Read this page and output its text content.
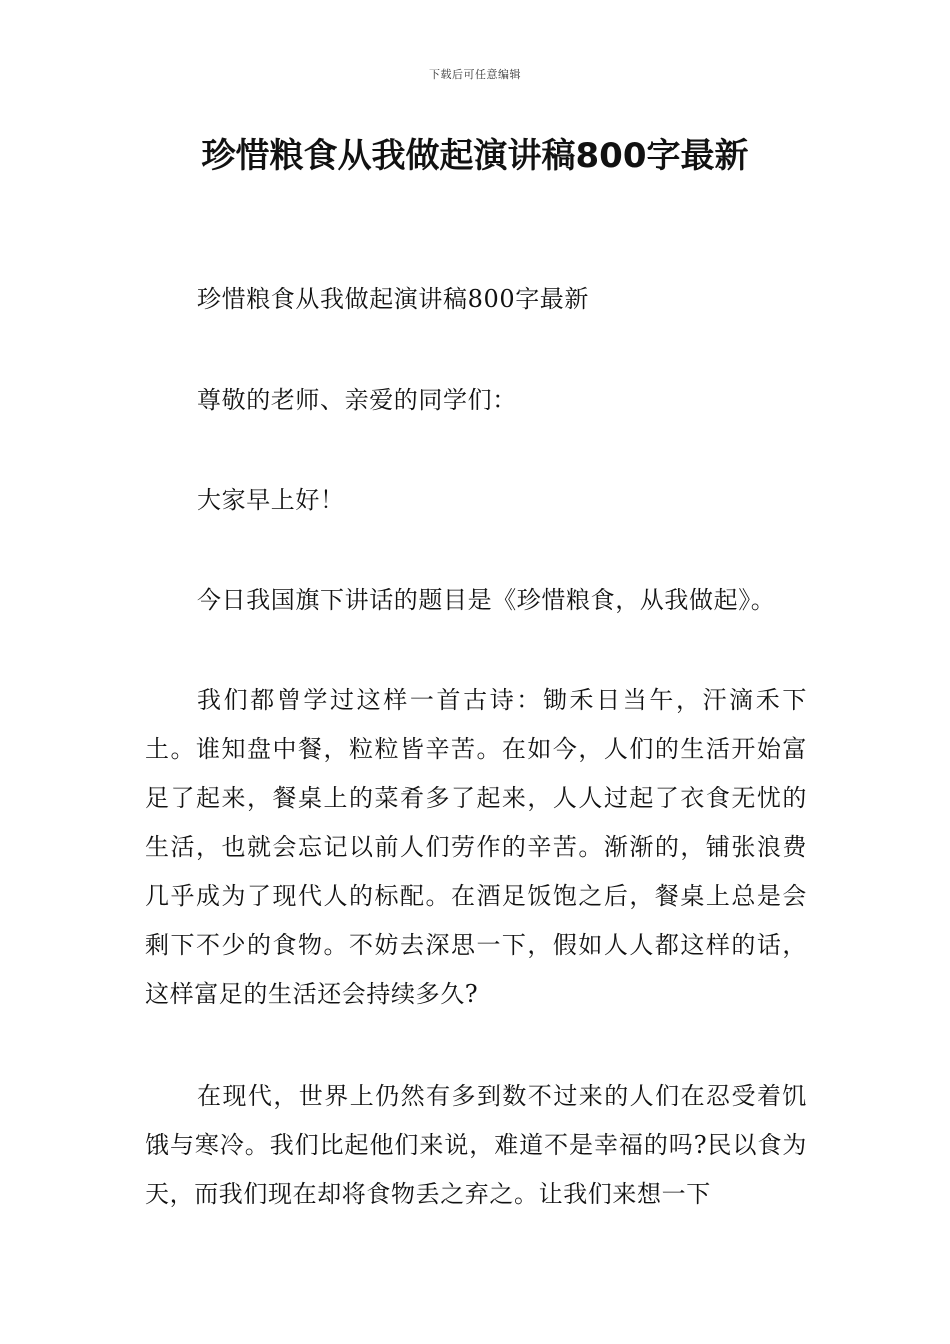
下载后可任意编辑
珍惜粮食从我做起演讲稿800字最新

珍惜粮食从我做起演讲稿800字最新

尊敬的老师、亲爱的同学们：

大家早上好！

今日我国旗下讲话的题目是《珍惜粮食，从我做起》。

我们都曾学过这样一首古诗：锄禾日当午，汗滴禾下土。谁知盘中餐，粒粒皆辛苦。在如今，人们的生活开始富足了起来，餐桌上的菜肴多了起来，人人过起了衣食无忧的生活，也就会忘记以前人们劳作的辛苦。渐渐的，铺张浪费几乎成为了现代人的标配。在酒足饭饱之后，餐桌上总是会剩下不少的食物。不妨去深思一下，假如人人都这样的话，这样富足的生活还会持续多久?

在现代，世界上仍然有多到数不过来的人们在忍受着饥饿与寒冷。我们比起他们来说，难道不是幸福的吗?民以食为天，而我们现在却将食物丢之弃之。让我们来想一下
